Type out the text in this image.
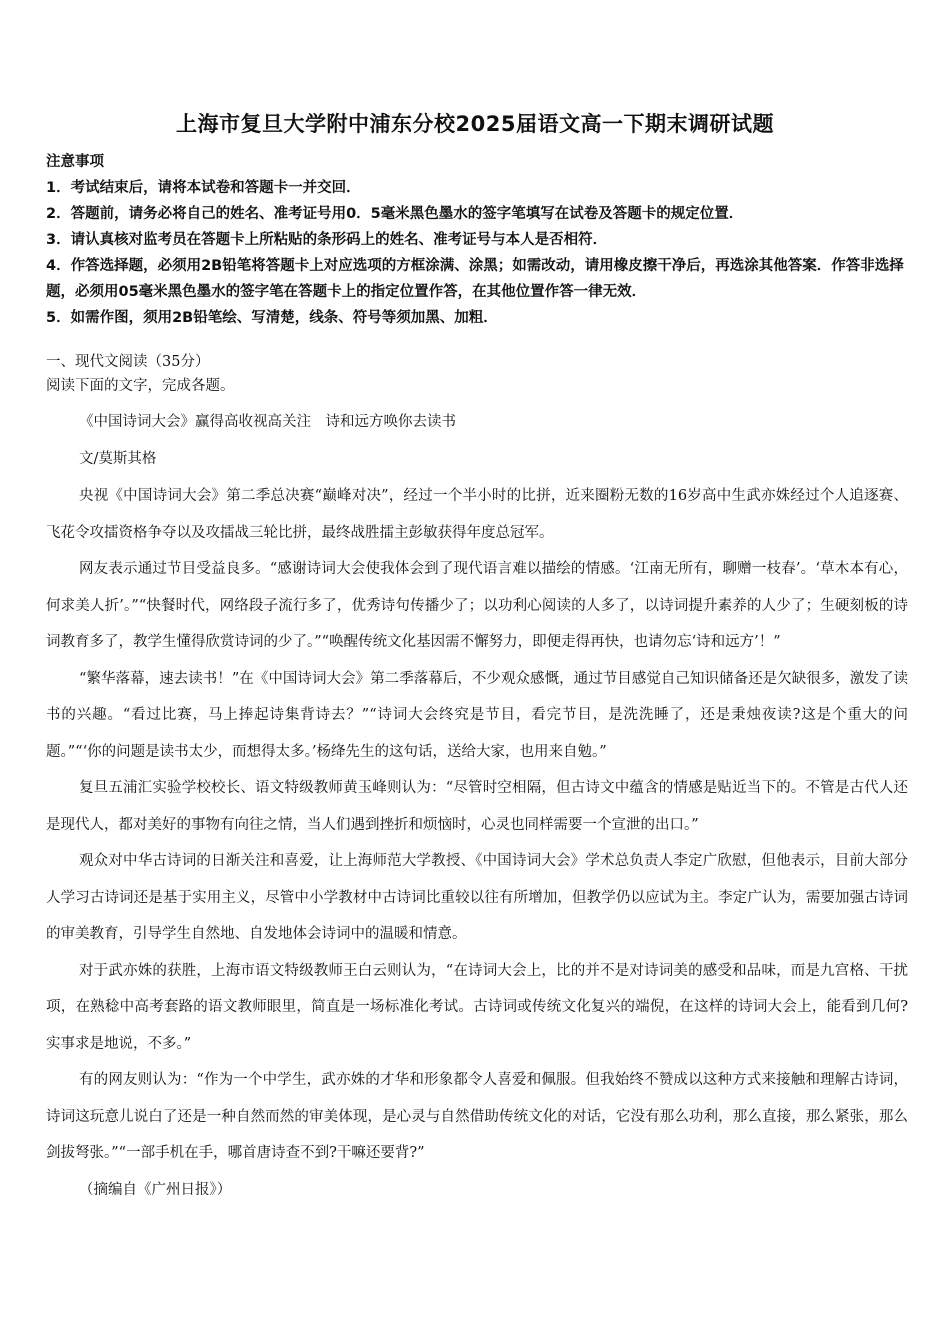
上海市复旦大学附中浦东分校2025届语文高一下期末调研试题
注意事项
1．考试结束后，请将本试卷和答题卡一并交回．
2．答题前，请务必将自己的姓名、准考证号用0．5毫米黑色墨水的签字笔填写在试卷及答题卡的规定位置．
3．请认真核对监考员在答题卡上所粘贴的条形码上的姓名、准考证号与本人是否相符．
4．作答选择题，必须用2B铅笔将答题卡上对应选项的方框涂满、涂黑；如需改动，请用橡皮擦干净后，再选涂其他答案．作答非选择题，必须用05毫米黑色墨水的签字笔在答题卡上的指定位置作答，在其他位置作答一律无效．
5．如需作图，须用2B铅笔绘、写清楚，线条、符号等须加黑、加粗．
一、现代文阅读（35分）
阅读下面的文字，完成各题。
《中国诗词大会》赢得高收视高关注　诗和远方唤你去读书
文/莫斯其格
央视《中国诗词大会》第二季总决赛“巅峰对决”，经过一个半小时的比拼，近来圈粉无数的16岁高中生武亦姝经过个人追逐赛、飞花令攻擂资格争夺以及攻擂战三轮比拼，最终战胜擂主彭敏获得年度总冠军。
网友表示通过节目受益良多。“感谢诗词大会使我体会到了现代语言难以描绘的情感。‘江南无所有，聊赠一枝春’。‘草木本有心，何求美人折’。”“快餐时代，网络段子流行多了，优秀诗句传播少了；以功利心阅读的人多了，以诗词提升素养的人少了；生硬刻板的诗词教育多了，教学生懂得欣赏诗词的少了。”“唤醒传统文化基因需不懈努力，即便走得再快，也请勿忘‘诗和远方’！”
“繁华落幕，速去读书！”在《中国诗词大会》第二季落幕后，不少观众感慨，通过节目感觉自己知识储备还是欠缺很多，激发了读书的兴趣。“看过比赛，马上捧起诗集背诗去？”“诗词大会终究是节目，看完节目，是洗洗睡了，还是秉烛夜读?这是个重大的问题。”“‘你的问题是读书太少，而想得太多。’杨绛先生的这句话，送给大家，也用来自勉。”
复旦五浦汇实验学校校长、语文特级教师黄玉峰则认为：“尽管时空相隔，但古诗文中蕴含的情感是贴近当下的。不管是古代人还是现代人，都对美好的事物有向往之情，当人们遇到挫折和烦恼时，心灵也同样需要一个宣泄的出口。”
观众对中华古诗词的日渐关注和喜爱，让上海师范大学教授、《中国诗词大会》学术总负责人李定广欣慰，但他表示，目前大部分人学习古诗词还是基于实用主义，尽管中小学教材中古诗词比重较以往有所增加，但教学仍以应试为主。李定广认为，需要加强古诗词的审美教育，引导学生自然地、自发地体会诗词中的温暖和情意。
对于武亦姝的获胜，上海市语文特级教师王白云则认为，“在诗词大会上，比的并不是对诗词美的感受和品味，而是九宫格、干扰项，在熟稔中高考套路的语文教师眼里，简直是一场标准化考试。古诗词或传统文化复兴的端倪，在这样的诗词大会上，能看到几何?实事求是地说，不多。”
有的网友则认为：“作为一个中学生，武亦姝的才华和形象都令人喜爱和佩服。但我始终不赞成以这种方式来接触和理解古诗词，诗词这玩意儿说白了还是一种自然而然的审美体现，是心灵与自然借助传统文化的对话，它没有那么功利，那么直接，那么紧张，那么剑拔弩张。”“一部手机在手，哪首唐诗查不到?干嘛还要背?”
（摘编自《广州日报》）
